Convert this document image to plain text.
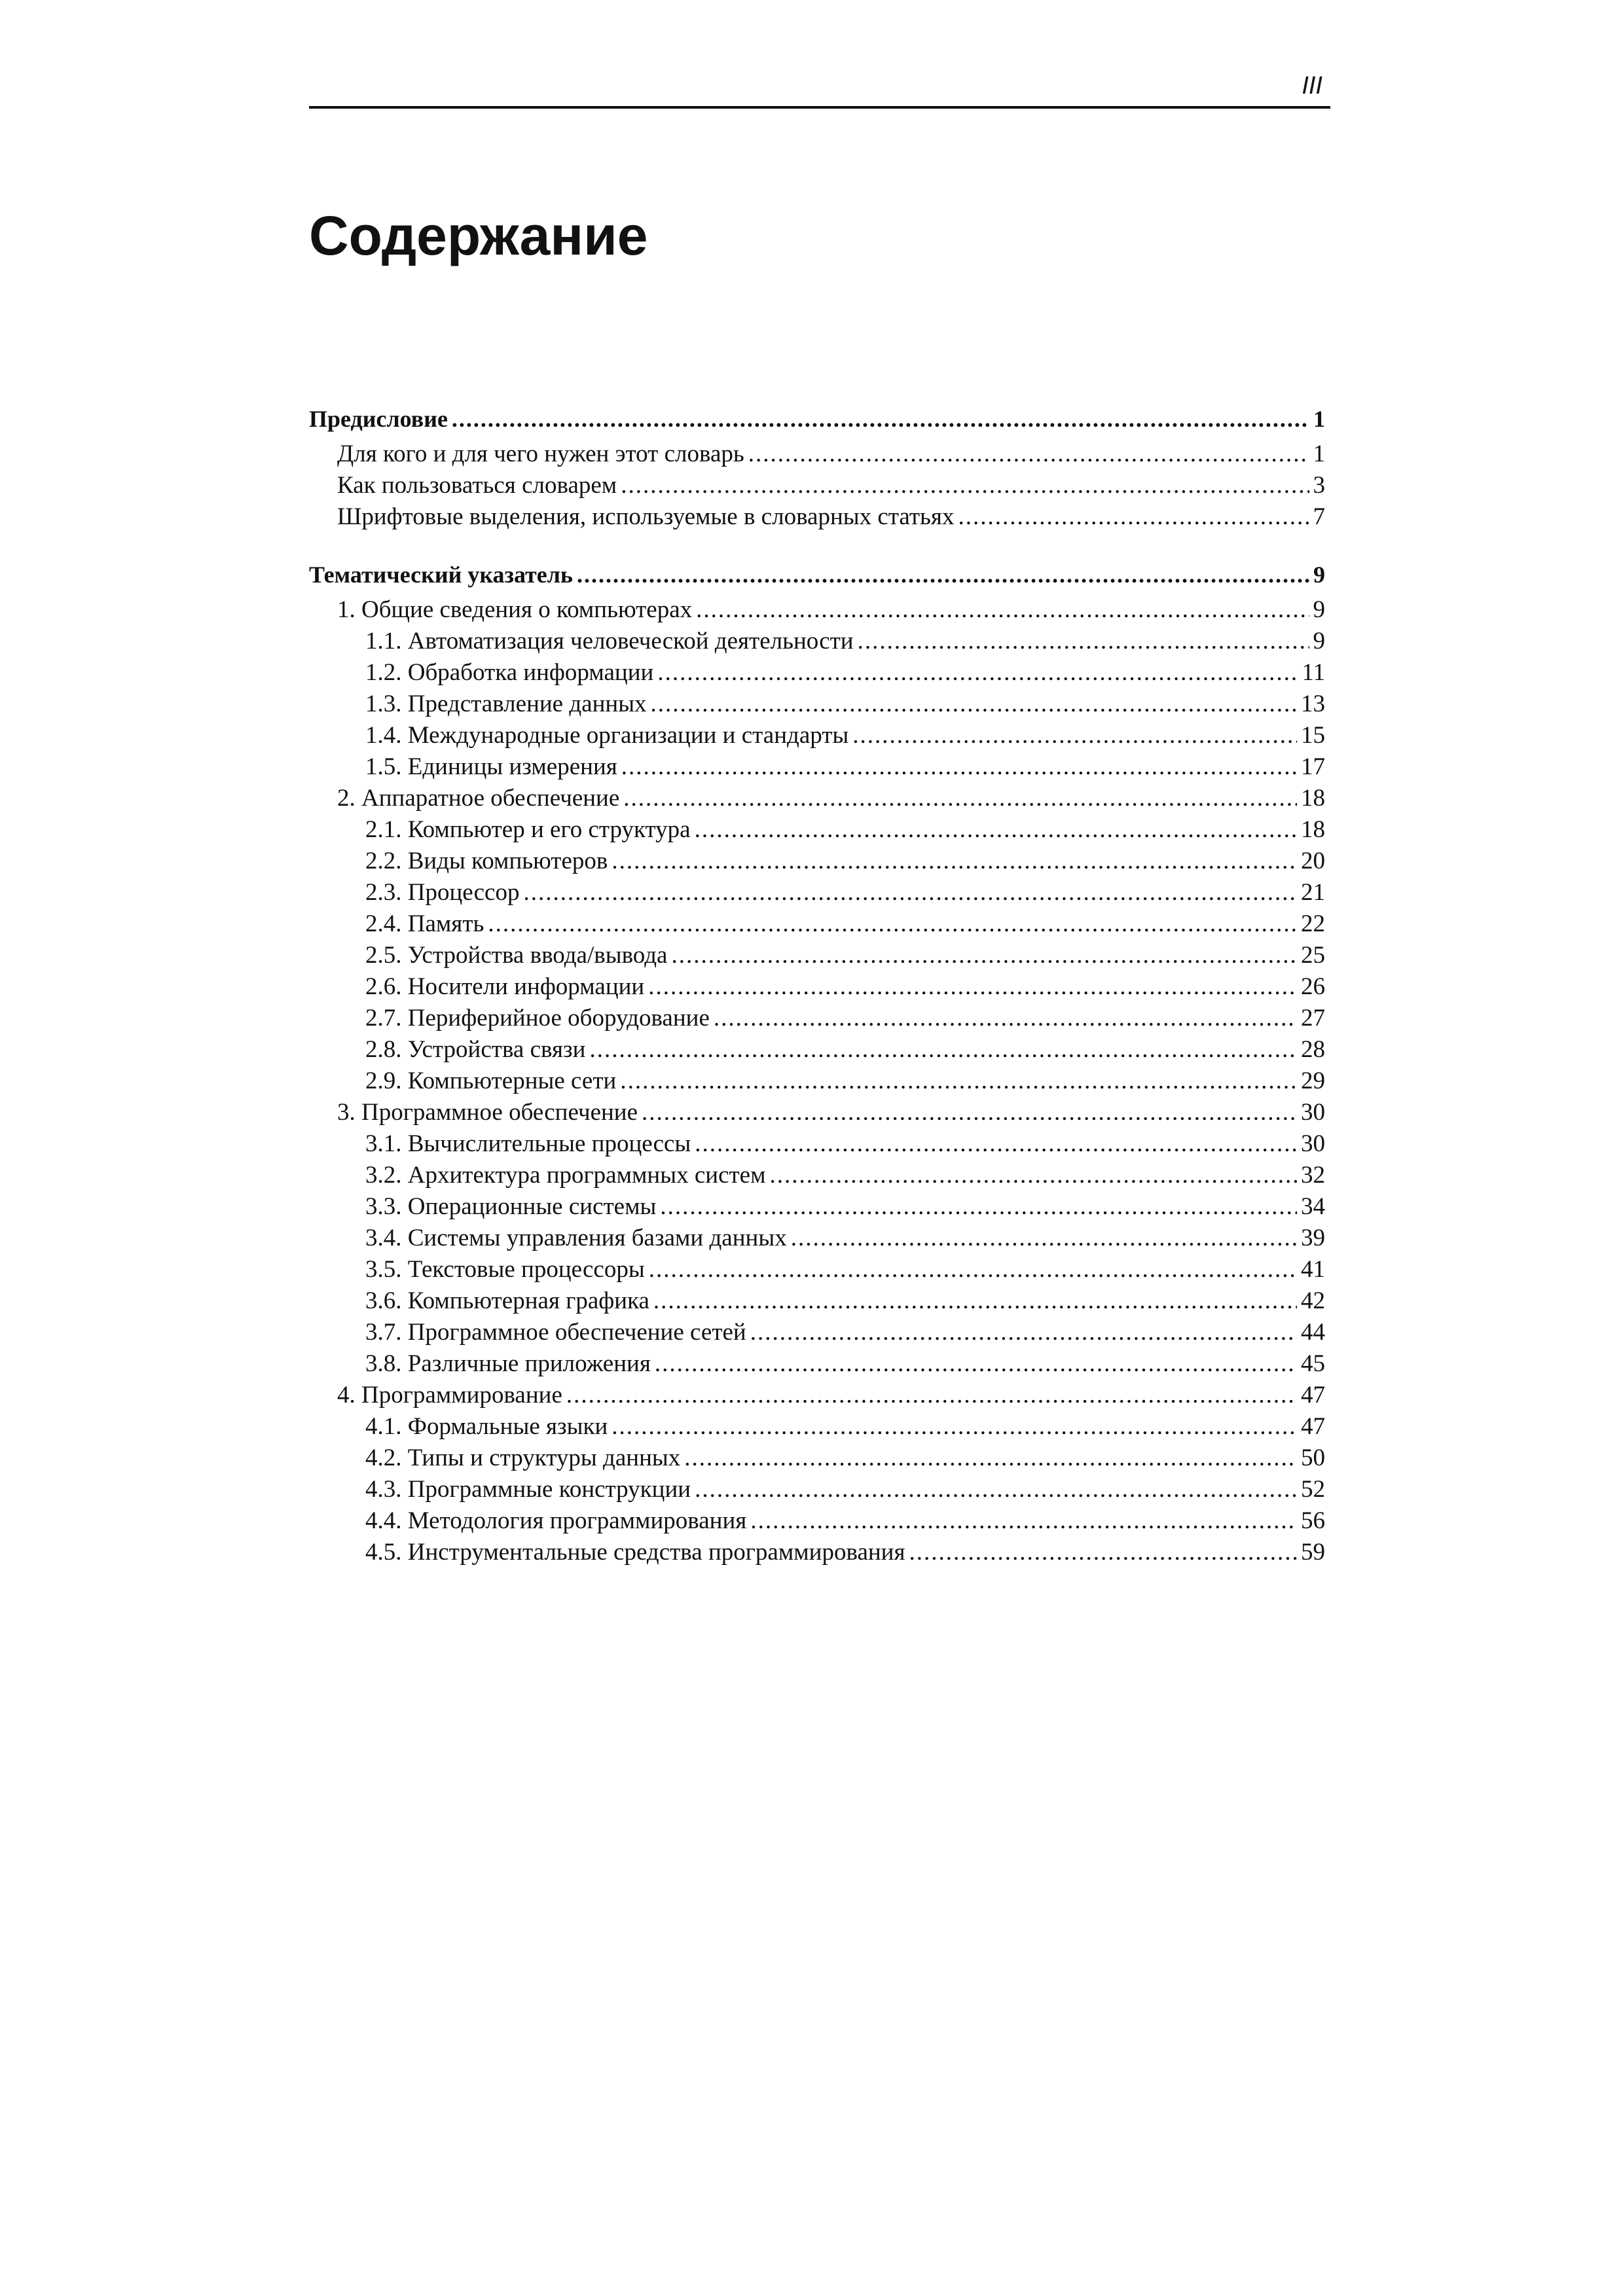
III
Содержание
Предисловие .....	1
Для кого и для чего нужен этот словарь .....	1
Как пользоваться словарем .....	3
Шрифтовые выделения, используемые в словарных статьях .....	7
Тематический указатель .....	9
1. Общие сведения о компьютерах .....	9
1.1. Автоматизация человеческой деятельности .....	9
1.2. Обработка информации .....	11
1.3. Представление данных .....	13
1.4. Международные организации и стандарты .....	15
1.5. Единицы измерения .....	17
2. Аппаратное обеспечение .....	18
2.1. Компьютер и его структура .....	18
2.2. Виды компьютеров .....	20
2.3. Процессор .....	21
2.4. Память .....	22
2.5. Устройства ввода/вывода .....	25
2.6. Носители информации .....	26
2.7. Периферийное оборудование .....	27
2.8. Устройства связи .....	28
2.9. Компьютерные сети .....	29
3. Программное обеспечение .....	30
3.1. Вычислительные процессы .....	30
3.2. Архитектура программных систем .....	32
3.3. Операционные системы .....	34
3.4. Системы управления базами данных .....	39
3.5. Текстовые процессоры .....	41
3.6. Компьютерная графика .....	42
3.7. Программное обеспечение сетей .....	44
3.8. Различные приложения .....	45
4. Программирование .....	47
4.1. Формальные языки .....	47
4.2. Типы и структуры данных .....	50
4.3. Программные конструкции .....	52
4.4. Методология программирования .....	56
4.5. Инструментальные средства программирования .....	59
